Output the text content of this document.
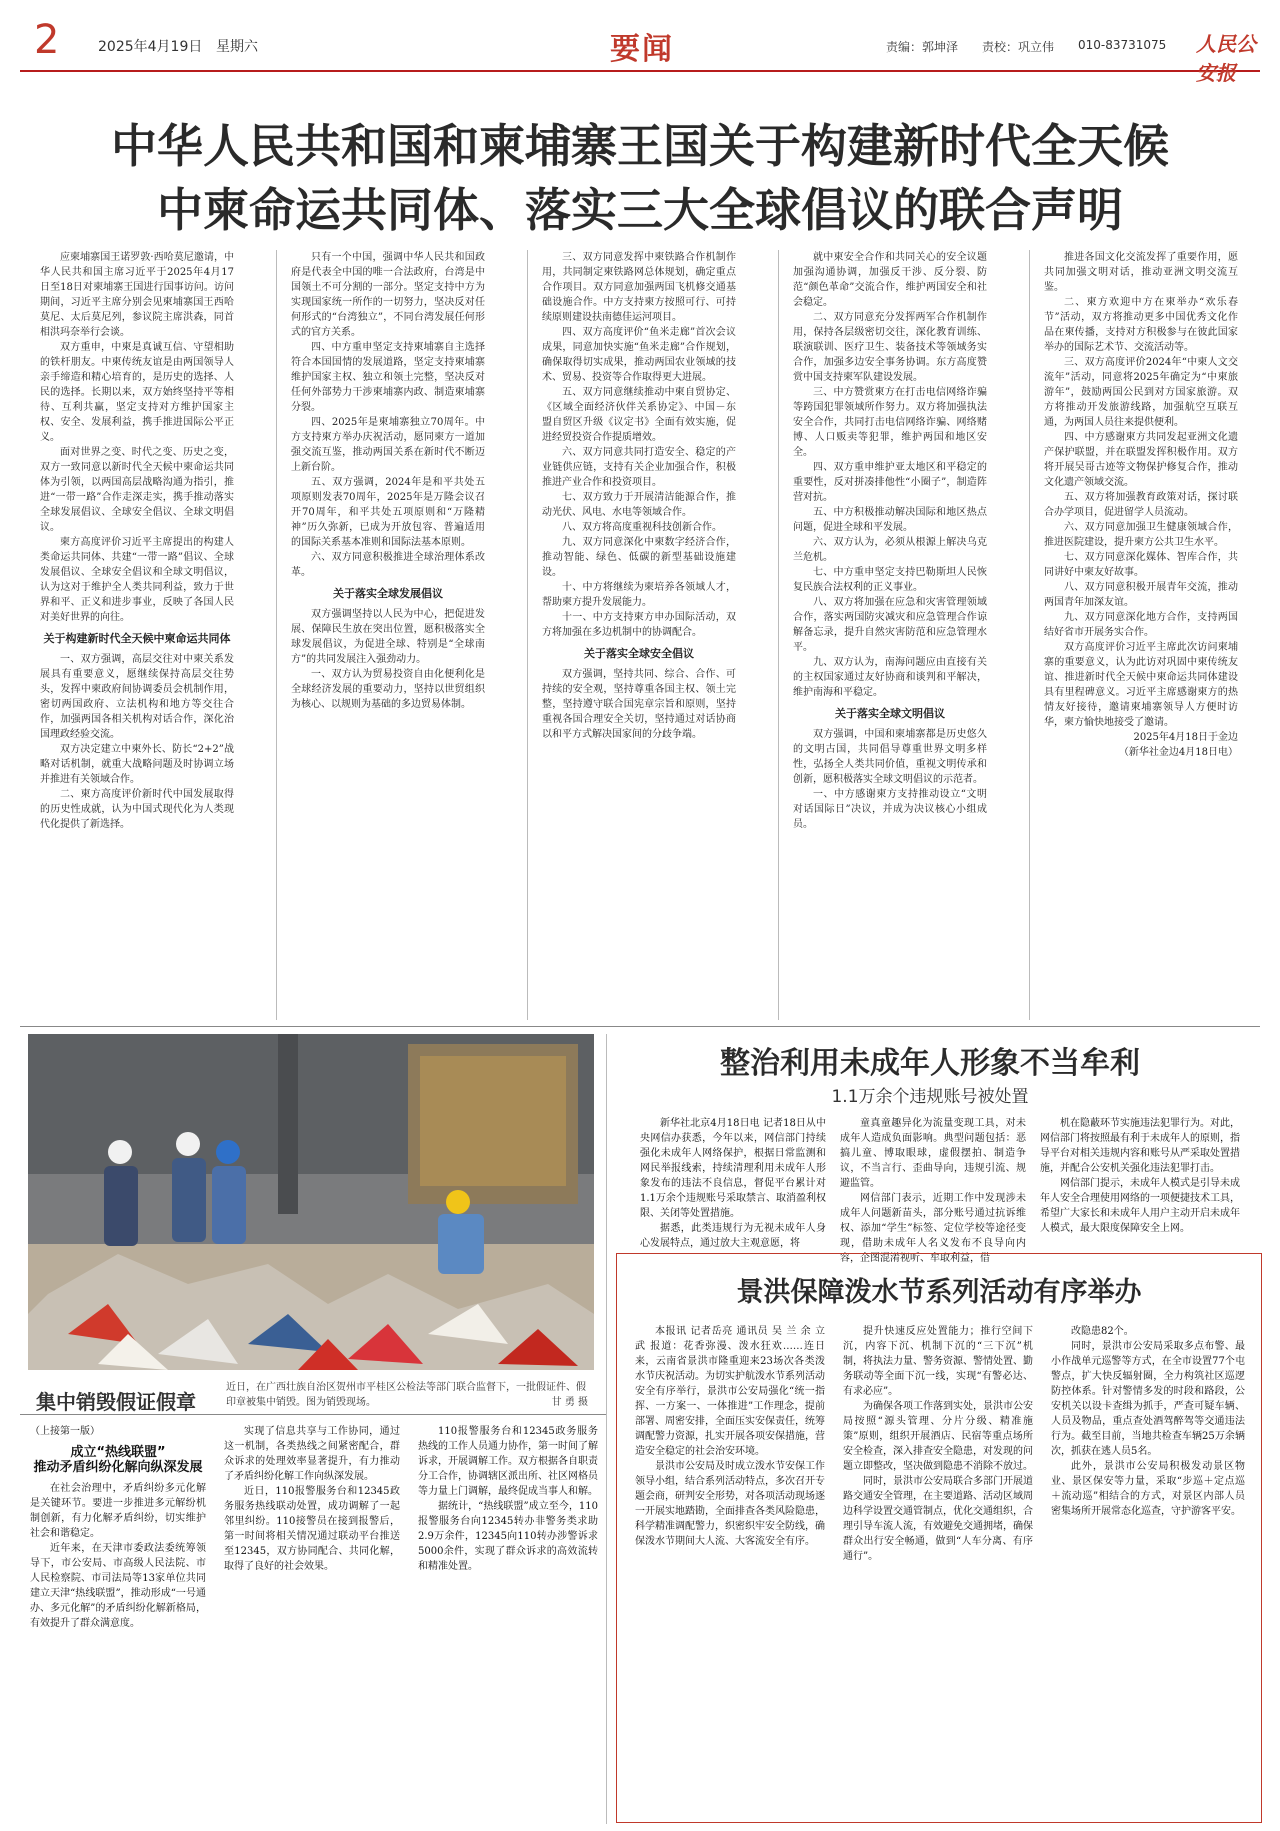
2	2025年4月19日 星期六	要闻	责编：郭坤泽 责校：巩立伟 010-83731075 人民公安报
中华人民共和国和柬埔寨王国关于构建新时代全天候
中柬命运共同体、落实三大全球倡议的联合声明

应柬埔寨国王诺罗敦·西哈莫尼邀请，中华人民共和国主席习近平于2025年4月17日至18日对柬埔寨王国进行国事访问。访问期间，习近平主席分别会见柬埔寨国王西哈莫尼、太后莫尼列，参议院主席洪森，同首相洪玛奈举行会谈。

双方重申，中柬是真诚互信、守望相助的铁杆朋友。中柬传统友谊是由两国领导人亲手缔造和精心培育的，是历史的选择、人民的选择。长期以来，双方始终坚持平等相待、互利共赢，坚定支持对方维护国家主权、安全、发展利益，携手推进国际公平正义。

面对世界之变、时代之变、历史之变，双方一致同意以新时代全天候中柬命运共同体为引领，以两国高层战略沟通为指引，推进“一带一路”合作走深走实，携手推动落实全球发展倡议、全球安全倡议、全球文明倡议。

柬方高度评价习近平主席提出的构建人类命运共同体、共建“一带一路”倡议、全球发展倡议、全球安全倡议和全球文明倡议，认为这对于维护全人类共同利益，致力于世界和平、正义和进步事业，反映了各国人民对美好世界的向往。

关于构建新时代全天候中柬命运共同体

一、双方强调，高层交往对中柬关系发展具有重要意义，愿继续保持高层交往势头，发挥中柬政府间协调委员会机制作用，密切两国政府、立法机构和地方等交往合作，加强两国各相关机构对话合作，深化治国理政经验交流。

双方决定建立中柬外长、防长“2+2”战略对话机制，就重大战略问题及时协调立场并推进有关领域合作。

二、柬方高度评价新时代中国发展取得的历史性成就，认为中国式现代化为人类现代化提供了新选择。

只有一个中国，强调中华人民共和国政府是代表全中国的唯一合法政府，台湾是中国领土不可分割的一部分。坚定支持中方为实现国家统一所作的一切努力，坚决反对任何形式的“台湾独立”，不同台湾发展任何形式的官方关系。

四、中方重申坚定支持柬埔寨自主选择符合本国国情的发展道路，坚定支持柬埔寨维护国家主权、独立和领土完整，坚决反对任何外部势力干涉柬埔寨内政、制造柬埔寨分裂。

四、2025年是柬埔寨独立70周年。中方支持柬方举办庆祝活动，愿同柬方一道加强交流互鉴，推动两国关系在新时代不断迈上新台阶。

五、双方强调，2024年是和平共处五项原则发表70周年，2025年是万隆会议召开70周年，和平共处五项原则和“万隆精神”历久弥新，已成为开放包容、普遍适用的国际关系基本准则和国际法基本原则。

六、双方同意积极推进全球治理体系改革。

关于落实全球发展倡议

双方强调坚持以人民为中心，把促进发展、保障民生放在突出位置，愿积极落实全球发展倡议，为促进全球、特别是“全球南方”的共同发展注入强劲动力。

一、双方认为贸易投资自由化便利化是全球经济发展的重要动力，坚持以世贸组织为核心、以规则为基础的多边贸易体制。

三、双方同意发挥中柬铁路合作机制作用，共同制定柬铁路网总体规划，确定重点合作项目。双方同意加强两国飞机修交通基础设施合作。中方支持柬方按照可行、可持续原则建设扶南德佳运河项目。

四、双方高度评价“鱼米走廊”首次会议成果，同意加快实施“鱼米走廊”合作规划，确保取得切实成果，推动两国农业领域的技术、贸易、投资等合作取得更大进展。

五、双方同意继续推动中柬自贸协定、《区域全面经济伙伴关系协定》、中国－东盟自贸区升级《议定书》全面有效实施，促进经贸投资合作提质增效。

六、双方同意共同打造安全、稳定的产业链供应链，支持有关企业加强合作，积极推进产业合作和投资项目。

七、双方致力于开展清洁能源合作，推动光伏、风电、水电等领域合作。

八、双方将高度重视科技创新合作。

九、双方同意深化中柬数字经济合作，推动智能、绿色、低碳的新型基础设施建设。

十、中方将继续为柬培养各领域人才，帮助柬方提升发展能力。

十一、中方支持柬方申办国际活动，双方将加强在多边机制中的协调配合。

关于落实全球安全倡议

双方强调，坚持共同、综合、合作、可持续的安全观，坚持尊重各国主权、领土完整，坚持遵守联合国宪章宗旨和原则，坚持重视各国合理安全关切，坚持通过对话协商以和平方式解决国家间的分歧争端。

就中柬安全合作和共同关心的安全议题加强沟通协调，加强反干涉、反分裂、防范“颜色革命”交流合作，维护两国安全和社会稳定。

二、双方同意充分发挥两军合作机制作用，保持各层级密切交往，深化教育训练、联演联训、医疗卫生、装备技术等领域务实合作，加强多边安全事务协调。东方高度赞赏中国支持柬军队建设发展。

三、中方赞赏柬方在打击电信网络诈骗等跨国犯罪领域所作努力。双方将加强执法安全合作，共同打击电信网络诈骗、网络赌博、人口贩卖等犯罪，维护两国和地区安全。

四、双方重申维护亚太地区和平稳定的重要性，反对拼凑排他性“小圈子”，制造阵营对抗。

五、中方积极推动解决国际和地区热点问题，促进全球和平发展。

六、双方认为，必须从根源上解决乌克兰危机。

七、中方重申坚定支持巴勒斯坦人民恢复民族合法权利的正义事业。

八、双方将加强在应急和灾害管理领域合作，落实两国防灾减灾和应急管理合作谅解备忘录，提升自然灾害防范和应急管理水平。

九、双方认为，南海问题应由直接有关的主权国家通过友好协商和谈判和平解决，维护南海和平稳定。

关于落实全球文明倡议

双方强调，中国和柬埔寨都是历史悠久的文明古国，共同倡导尊重世界文明多样性，弘扬全人类共同价值，重视文明传承和创新，愿积极落实全球文明倡议的示范者。

一、中方感谢柬方支持推动设立“文明对话国际日”决议，并成为决议核心小组成员。

推进各国文化交流发挥了重要作用，愿共同加强文明对话，推动亚洲文明交流互鉴。

二、柬方欢迎中方在柬举办“欢乐春节”活动，双方将推动更多中国优秀文化作品在柬传播，支持对方积极参与在彼此国家举办的国际艺术节、交流活动等。

三、双方高度评价2024年“中柬人文交流年”活动，同意将2025年确定为“中柬旅游年”，鼓励两国公民到对方国家旅游。双方将推动开发旅游线路，加强航空互联互通，为两国人员往来提供便利。

四、中方感谢柬方共同发起亚洲文化遗产保护联盟，并在联盟发挥积极作用。双方将开展吴哥古迹等文物保护修复合作，推动文化遗产领域交流。

五、双方将加强教育政策对话，探讨联合办学项目，促进留学人员流动。

六、双方同意加强卫生健康领域合作，推进医院建设，提升柬方公共卫生水平。

七、双方同意深化媒体、智库合作，共同讲好中柬友好故事。

八、双方同意积极开展青年交流，推动两国青年加深友谊。

九、双方同意深化地方合作，支持两国结好省市开展务实合作。

双方高度评价习近平主席此次访问柬埔寨的重要意义，认为此访对巩固中柬传统友谊、推进新时代全天候中柬命运共同体建设具有里程碑意义。习近平主席感谢柬方的热情友好接待，邀请柬埔寨领导人方便时访华，柬方愉快地接受了邀请。

2025年4月18日于金边

（新华社金边4月18日电）

集中销毁假证假章
近日，在广西壮族自治区贺州市平桂区公检法等部门联合监督下，一批假证件、假印章被集中销毁。图为销毁现场。	甘 勇 摄
整治利用未成年人形象不当牟利
1.1万余个违规账号被处置

新华社北京4月18日电 记者18日从中央网信办获悉，今年以来，网信部门持续强化未成年人网络保护，根据日常监测和网民举报线索，持续清理利用未成年人形象发布的违法不良信息，督促平台累计对1.1万余个违规账号采取禁言、取消盈利权限、关闭等处置措施。

据悉，此类违规行为无视未成年人身心发展特点，通过放大主观意愿，将

童真童趣异化为流量变现工具，对未成年人造成负面影响。典型问题包括：恶搞儿童、博取眼球，虚假摆拍、制造争议，不当言行、歪曲导向，违规引流、规避监管。

网信部门表示，近期工作中发现涉未成年人问题新苗头，部分账号通过抗诉维权、添加“学生”标签、定位学校等途径变现，借助未成年人名义发布不良导向内容，企图混淆视听、牟取利益，借

机在隐蔽环节实施违法犯罪行为。对此，网信部门将按照最有利于未成年人的原则，指导平台对相关违规内容和账号从严采取处置措施，并配合公安机关强化违法犯罪打击。

网信部门提示，未成年人模式是引导未成年人安全合理使用网络的一项便捷技术工具，希望广大家长和未成年人用户主动开启未成年人模式，最大限度保障安全上网。

景洪保障泼水节系列活动有序举办

本报讯 记者岳亮 通讯员 吴 兰 余 立 武 报道：花香弥漫、泼水狂欢……连日来，云南省景洪市隆重迎来23场次各类泼水节庆祝活动。为切实护航泼水节系列活动安全有序举行，景洪市公安局强化“统一指挥、一方案一、一体推进”工作理念，提前部署、周密安排，全面压实安保责任，统筹调配警力资源，扎实开展各项安保措施，营造安全稳定的社会治安环境。

景洪市公安局及时成立泼水节安保工作领导小组，结合系列活动特点，多次召开专题会商，研判安全形势，对各项活动现场逐一开展实地踏勘，全面排查各类风险隐患，科学精准调配警力，织密织牢安全防线，确保泼水节期间大人流、大客流安全有序。

提升快速反应处置能力；推行空间下沉，内容下沉、机制下沉的“三下沉”机制，将执法力量、警务资源、警情处置、勤务联动等全面下沉一线，实现“有警必达、有求必应”。

为确保各项工作落到实处，景洪市公安局按照“源头管理、分片分级、精准施策”原则，组织开展酒店、民宿等重点场所安全检查，深入排查安全隐患，对发现的问题立即整改，坚决做到隐患不消除不放过。

同时，景洪市公安局联合多部门开展道路交通安全管理，在主要道路、活动区域周边科学设置交通管制点，优化交通组织，合理引导车流人流，有效避免交通拥堵，确保群众出行安全畅通，做到“人车分离、有序通行”。

改隐患82个。

同时，景洪市公安局采取多点布警、最小作战单元巡警等方式，在全市设置77个屯警点，扩大快反辐射圈，全力构筑社区巡逻防控体系。针对警情多发的时段和路段，公安机关以设卡查缉为抓手，严查可疑车辆、人员及物品，重点查处酒驾醉驾等交通违法行为。截至目前，当地共检查车辆25万余辆次，抓获在逃人员5名。

此外，景洪市公安局积极发动景区物业、景区保安等力量，采取“步巡＋定点巡＋流动巡”相结合的方式，对景区内部人员密集场所开展常态化巡查，守护游客平安。

（上接第一版）

成立“热线联盟”

推动矛盾纠纷化解向纵深发展

在社会治理中，矛盾纠纷多元化解是关键环节。要进一步推进多元解纷机制创新，有力化解矛盾纠纷，切实维护社会和谐稳定。

近年来，在天津市委政法委统筹领导下，市公安局、市高级人民法院、市人民检察院、市司法局等13家单位共同建立天津“热线联盟”，推动形成“一号通办、多元化解”的矛盾纠纷化解新格局，有效提升了群众满意度。

实现了信息共享与工作协同，通过这一机制，各类热线之间紧密配合，群众诉求的处理效率显著提升，有力推动了矛盾纠纷化解工作向纵深发展。

近日，110报警服务台和12345政务服务热线联动处置，成功调解了一起邻里纠纷。110接警员在接到报警后，第一时间将相关情况通过联动平台推送至12345，双方协同配合、共同化解，取得了良好的社会效果。

110报警服务台和12345政务服务热线的工作人员通力协作，第一时间了解诉求，开展调解工作。双方根据各自职责分工合作，协调辖区派出所、社区网格员等力量上门调解，最终促成当事人和解。

据统计，“热线联盟”成立至今，110报警服务台向12345转办非警务类求助2.9万余件，12345向110转办涉警诉求5000余件，实现了群众诉求的高效流转和精准处置。
